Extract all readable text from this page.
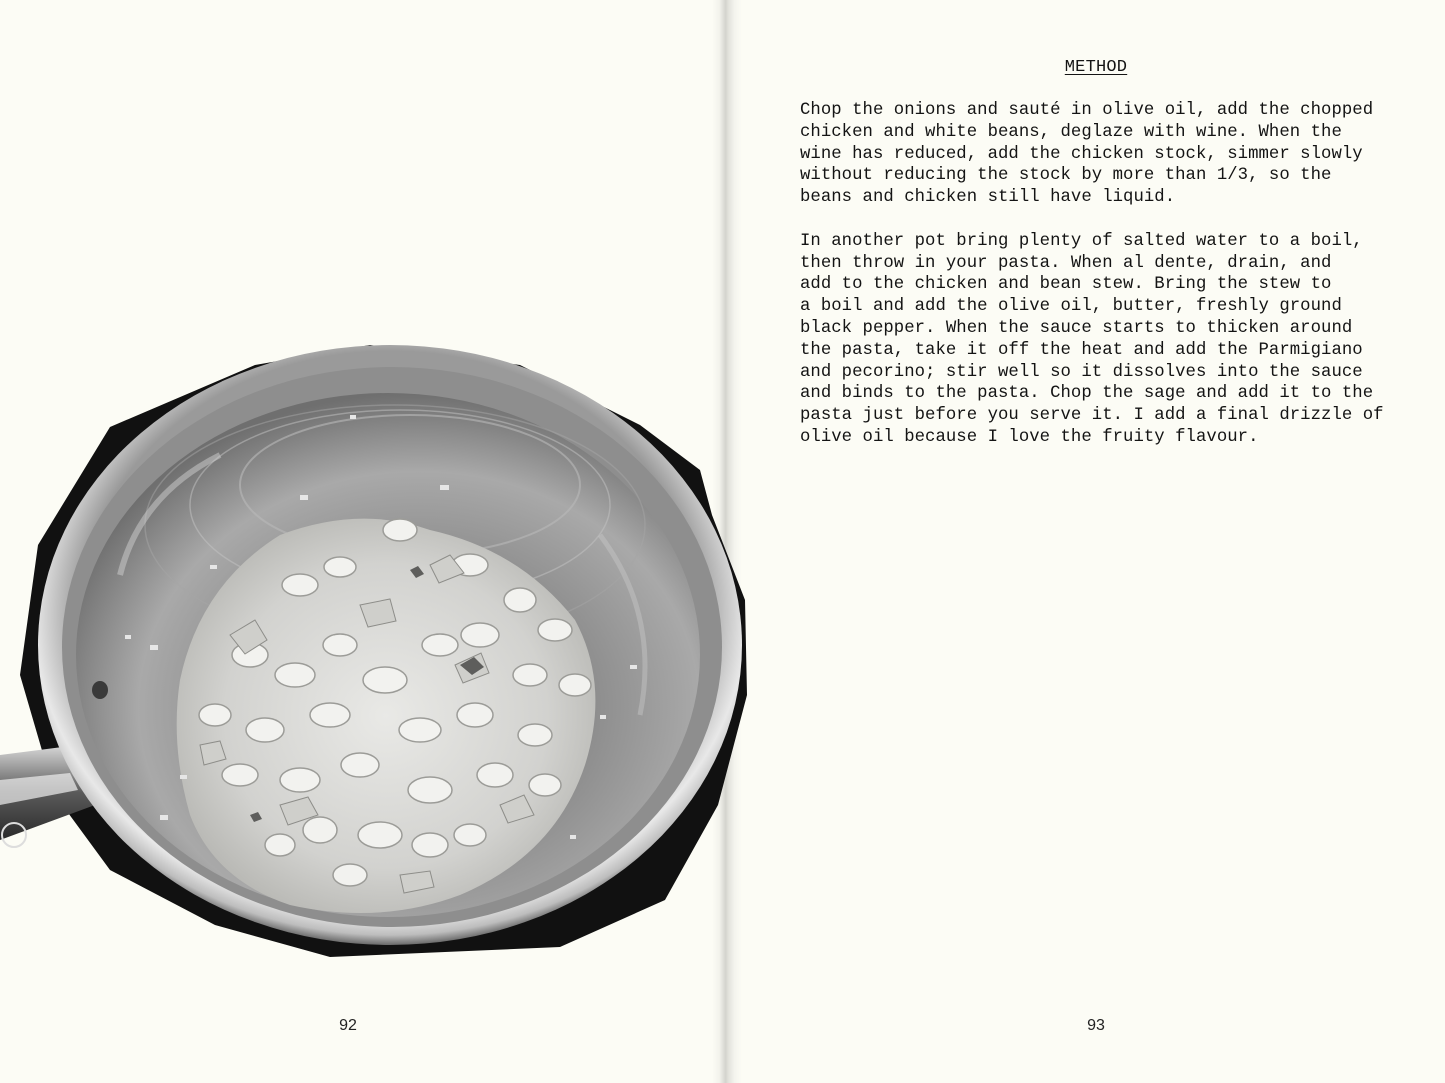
92
METHOD

Chop the onions and sauté in olive oil, add the chopped
chicken and white beans, deglaze with wine. When the
wine has reduced, add the chicken stock, simmer slowly
without reducing the stock by more than 1/3, so the
beans and chicken still have liquid.

In another pot bring plenty of salted water to a boil,
then throw in your pasta. When al dente, drain, and
add to the chicken and bean stew. Bring the stew to
a boil and add the olive oil, butter, freshly ground
black pepper. When the sauce starts to thicken around
the pasta, take it off the heat and add the Parmigiano
and pecorino; stir well so it dissolves into the sauce
and binds to the pasta. Chop the sage and add it to the
pasta just before you serve it. I add a final drizzle of
olive oil because I love the fruity flavour.

93
